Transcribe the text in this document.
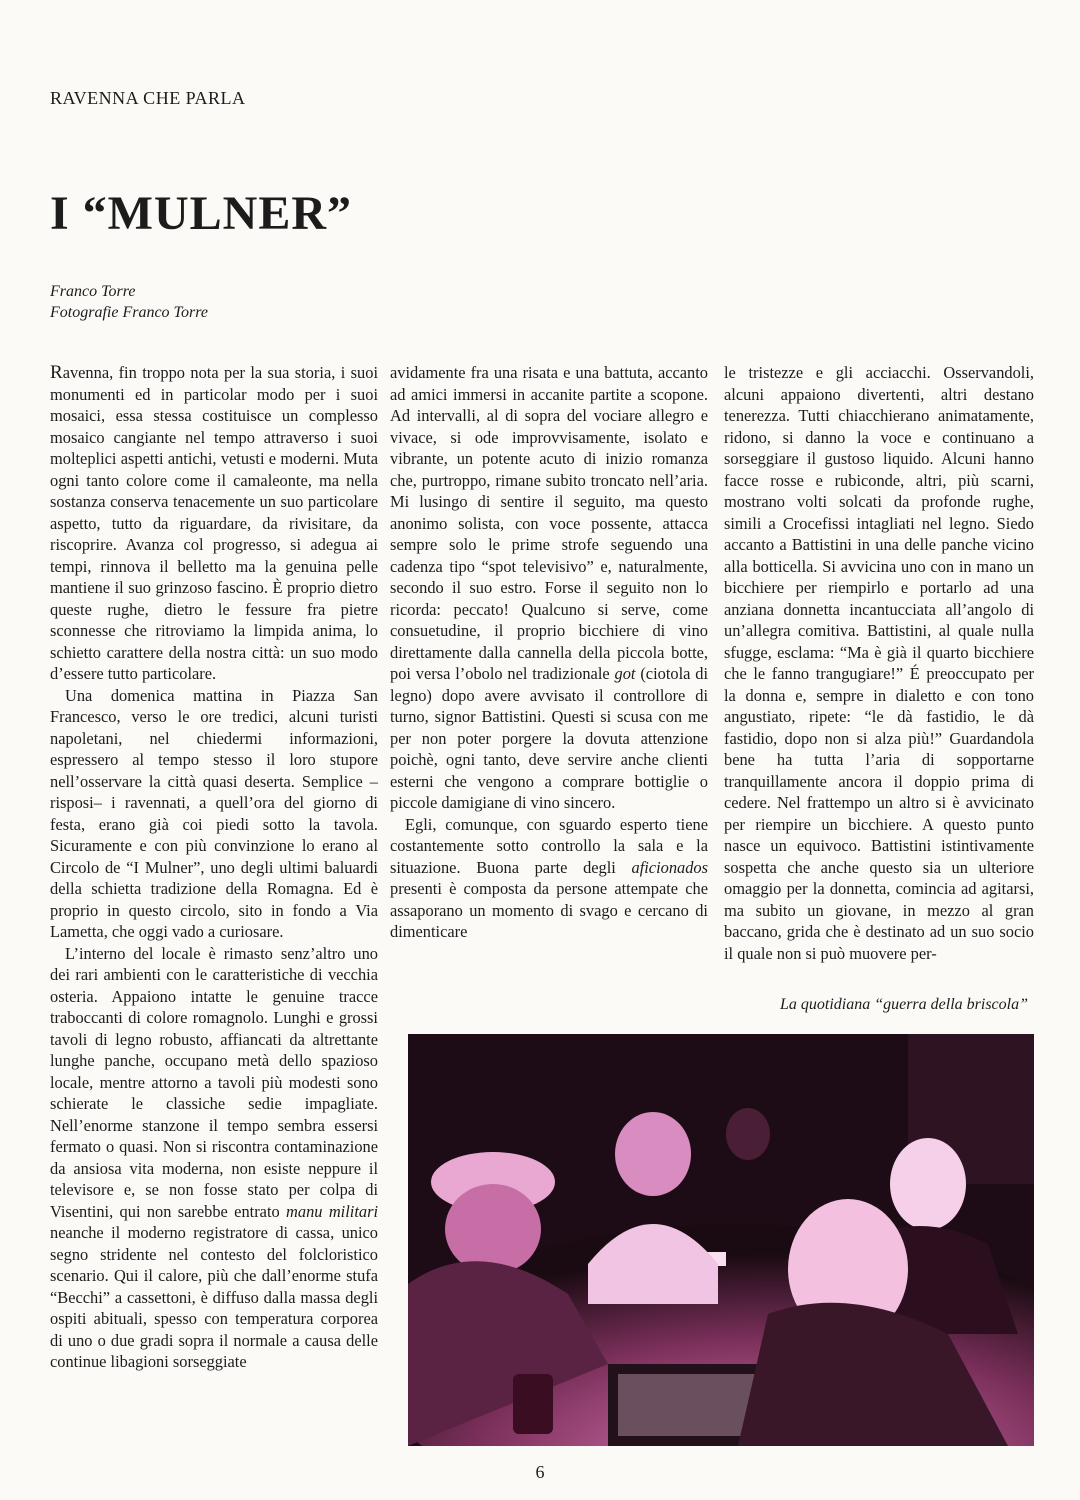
RAVENNA CHE PARLA
I “MULNER”
Franco Torre
Fotografie Franco Torre

Ravenna, fin troppo nota per la sua storia, i suoi monumenti ed in particolar modo per i suoi mosaici, essa stessa costituisce un complesso mosaico cangiante nel tempo attraverso i suoi molteplici aspetti antichi, vetusti e moderni. Muta ogni tanto colore come il camaleonte, ma nella sostanza conserva tenacemente un suo particolare aspetto, tutto da riguardare, da rivisitare, da riscoprire. Avanza col progresso, si adegua ai tempi, rinnova il belletto ma la genuina pelle mantiene il suo grinzoso fascino. È proprio dietro queste rughe, dietro le fessure fra pietre sconnesse che ritroviamo la limpida anima, lo schietto carattere della nostra città: un suo modo d’essere tutto particolare.

Una domenica mattina in Piazza San Francesco, verso le ore tredici, alcuni turisti napoletani, nel chiedermi informazioni, espressero al tempo stesso il loro stupore nell’osservare la città quasi deserta. Semplice –risposi– i ravennati, a quell’ora del giorno di festa, erano già coi piedi sotto la tavola. Sicuramente e con più convinzione lo erano al Circolo de “I Mulner”, uno degli ultimi baluardi della schietta tradizione della Romagna. Ed è proprio in questo circolo, sito in fondo a Via Lametta, che oggi vado a curiosare.

L’interno del locale è rimasto senz’altro uno dei rari ambienti con le caratteristiche di vecchia osteria. Appaiono intatte le genuine tracce traboccanti di colore romagnolo. Lunghi e grossi tavoli di legno robusto, affiancati da altrettante lunghe panche, occupano metà dello spazioso locale, mentre attorno a tavoli più modesti sono schierate le classiche sedie impagliate. Nell’enorme stanzone il tempo sembra essersi fermato o quasi. Non si riscontra contaminazione da ansiosa vita moderna, non esiste neppure il televisore e, se non fosse stato per colpa di Visentini, qui non sarebbe entrato manu militari neanche il moderno registratore di cassa, unico segno stridente nel contesto del folcloristico scenario. Qui il calore, più che dall’enorme stufa “Becchi” a cassettoni, è diffuso dalla massa degli ospiti abituali, spesso con temperatura corporea di uno o due gradi sopra il normale a causa delle continue libagioni sorseggiate

avidamente fra una risata e una battuta, accanto ad amici immersi in accanite partite a scopone. Ad intervalli, al di sopra del vociare allegro e vivace, si ode improvvisamente, isolato e vibrante, un potente acuto di inizio romanza che, purtroppo, rimane subito troncato nell’aria. Mi lusingo di sentire il seguito, ma questo anonimo solista, con voce possente, attacca sempre solo le prime strofe seguendo una cadenza tipo “spot televisivo” e, naturalmente, secondo il suo estro. Forse il seguito non lo ricorda: peccato! Qualcuno si serve, come consuetudine, il proprio bicchiere di vino direttamente dalla cannella della piccola botte, poi versa l’obolo nel tradizionale got (ciotola di legno) dopo avere avvisato il controllore di turno, signor Battistini. Questi si scusa con me per non poter porgere la dovuta attenzione poichè, ogni tanto, deve servire anche clienti esterni che vengono a comprare bottiglie o piccole damigiane di vino sincero.

Egli, comunque, con sguardo esperto tiene costantemente sotto controllo la sala e la situazione. Buona parte degli aficionados presenti è composta da persone attempate che assaporano un momento di svago e cercano di dimenticare

le tristezze e gli acciacchi. Osservandoli, alcuni appaiono divertenti, altri destano tenerezza. Tutti chiacchierano animatamente, ridono, si danno la voce e continuano a sorseggiare il gustoso liquido. Alcuni hanno facce rosse e rubiconde, altri, più scarni, mostrano volti solcati da profonde rughe, simili a Crocefissi intagliati nel legno. Siedo accanto a Battistini in una delle panche vicino alla botticella. Si avvicina uno con in mano un bicchiere per riempirlo e portarlo ad una anziana donnetta incantucciata all’angolo di un’allegra comitiva. Battistini, al quale nulla sfugge, esclama: “Ma è già il quarto bicchiere che le fanno trangugiare!” É preoccupato per la donna e, sempre in dialetto e con tono angustiato, ripete: “le dà fastidio, le dà fastidio, dopo non si alza più!” Guardandola bene ha tutta l’aria di sopportarne tranquillamente ancora il doppio prima di cedere. Nel frattempo un altro si è avvicinato per riempire un bicchiere. A questo punto nasce un equivoco. Battistini istintivamente sospetta che anche questo sia un ulteriore omaggio per la donnetta, comincia ad agitarsi, ma subito un giovane, in mezzo al gran baccano, grida che è destinato ad un suo socio il quale non si può muovere per-

La quotidiana “guerra della briscola”
6
